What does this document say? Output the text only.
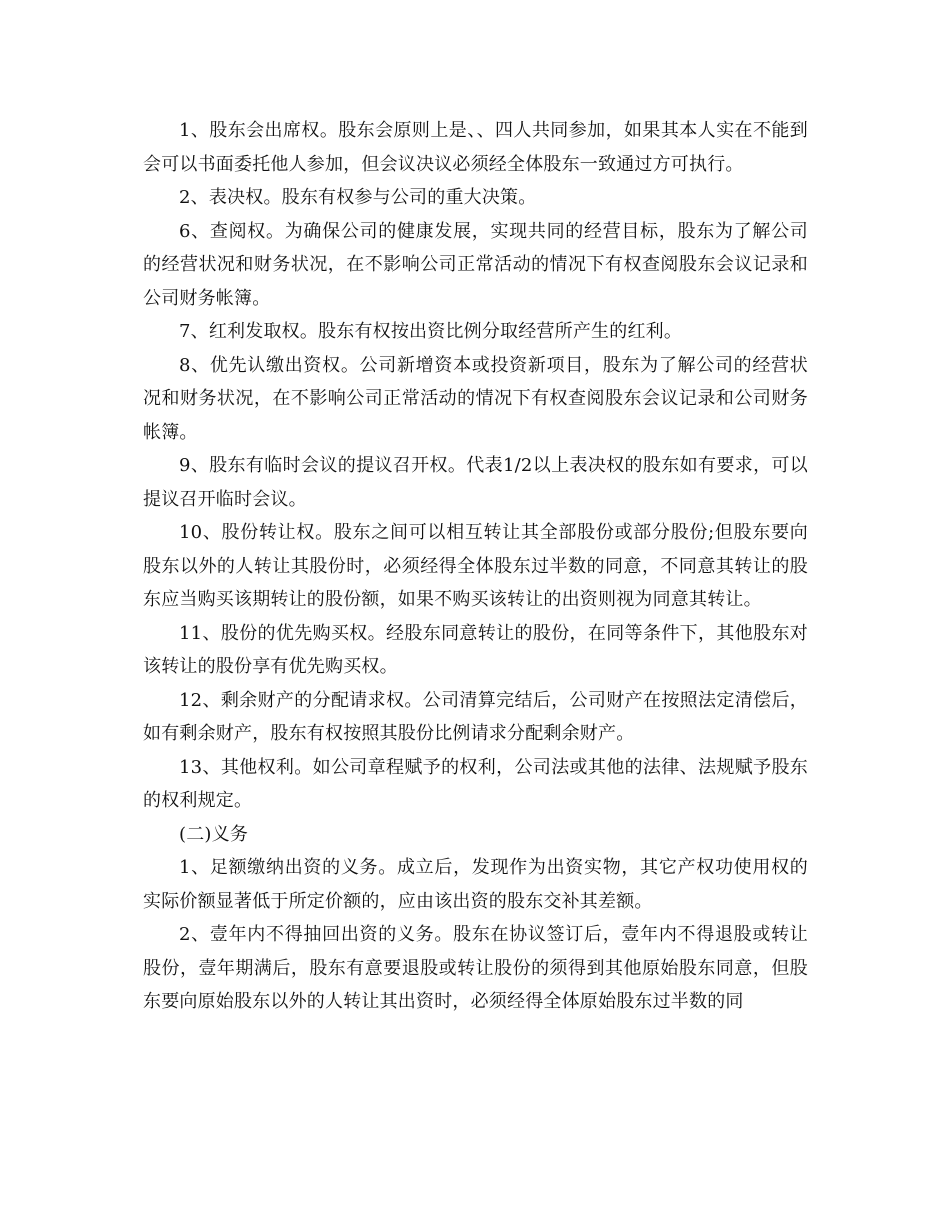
1、股东会出席权。股东会原则上是、、四人共同参加，如果其本人实在不能到会可以书面委托他人参加，但会议决议必须经全体股东一致通过方可执行。

2、表决权。股东有权参与公司的重大决策。

6、查阅权。为确保公司的健康发展，实现共同的经营目标，股东为了解公司的经营状况和财务状况，在不影响公司正常活动的情况下有权查阅股东会议记录和公司财务帐簿。

7、红利发取权。股东有权按出资比例分取经营所产生的红利。

8、优先认缴出资权。公司新增资本或投资新项目，股东为了解公司的经营状况和财务状况，在不影响公司正常活动的情况下有权查阅股东会议记录和公司财务帐簿。

9、股东有临时会议的提议召开权。代表1/2以上表决权的股东如有要求，可以提议召开临时会议。

10、股份转让权。股东之间可以相互转让其全部股份或部分股份;但股东要向股东以外的人转让其股份时，必须经得全体股东过半数的同意，不同意其转让的股东应当购买该期转让的股份额，如果不购买该转让的出资则视为同意其转让。

11、股份的优先购买权。经股东同意转让的股份，在同等条件下，其他股东对该转让的股份享有优先购买权。

12、剩余财产的分配请求权。公司清算完结后，公司财产在按照法定清偿后，如有剩余财产，股东有权按照其股份比例请求分配剩余财产。

13、其他权利。如公司章程赋予的权利，公司法或其他的法律、法规赋予股东的权利规定。

(二)义务

1、足额缴纳出资的义务。成立后，发现作为出资实物，其它产权功使用权的实际价额显著低于所定价额的，应由该出资的股东交补其差额。

2、壹年内不得抽回出资的义务。股东在协议签订后，壹年内不得退股或转让股份，壹年期满后，股东有意要退股或转让股份的须得到其他原始股东同意，但股东要向原始股东以外的人转让其出资时，必须经得全体原始股东过半数的同
